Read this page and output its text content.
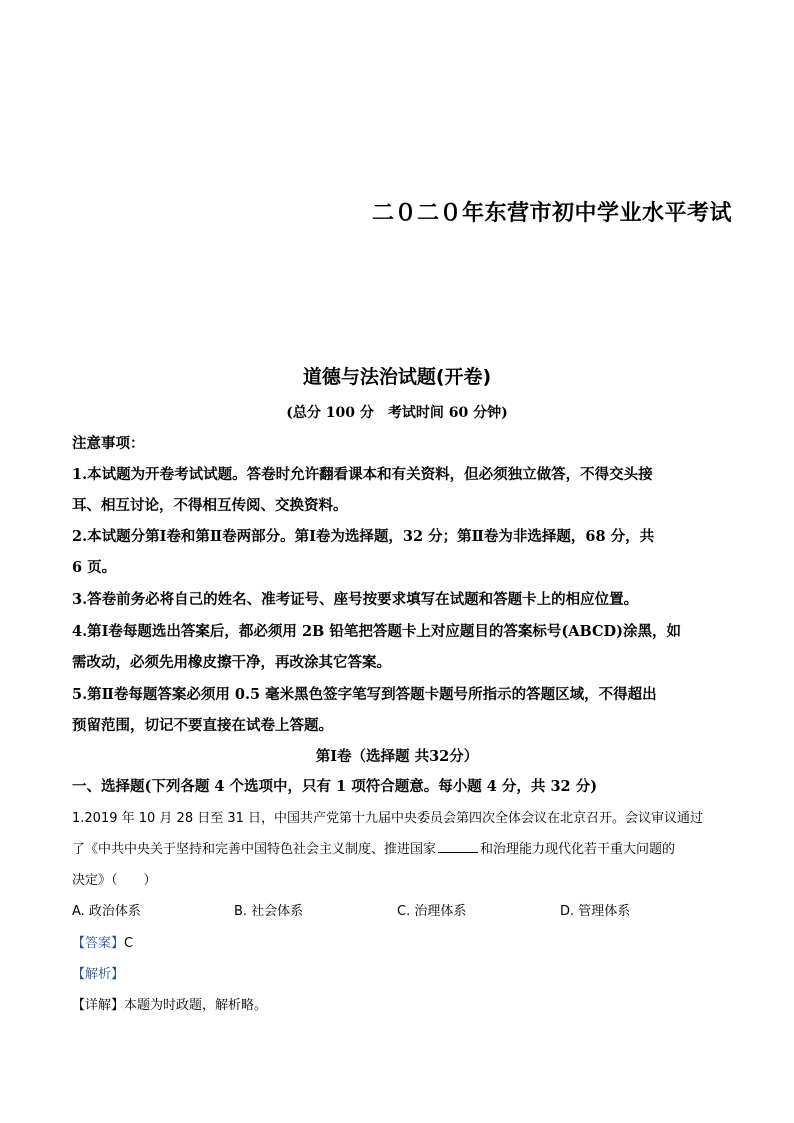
二０二０年东营市初中学业水平考试
道德与法治试题(开卷)
(总分 100 分　考试时间 60 分钟)
注意事项：
1.本试题为开卷考试试题。答卷时允许翻看课本和有关资料，但必须独立做答，不得交头接
耳、相互讨论，不得相互传阅、交换资料。
2.本试题分第Ⅰ卷和第Ⅱ卷两部分。第Ⅰ卷为选择题，32 分；第Ⅱ卷为非选择题，68 分，共
6 页。
3.答卷前务必将自己的姓名、准考证号、座号按要求填写在试题和答题卡上的相应位置。
4.第Ⅰ卷每题选出答案后，都必须用 2B 铅笔把答题卡上对应题目的答案标号(ABCD)涂黑，如
需改动，必须先用橡皮擦干净，再改涂其它答案。
5.第Ⅱ卷每题答案必须用 0.5 毫米黑色签字笔写到答题卡题号所指示的答题区域，不得超出
预留范围，切记不要直接在试卷上答题。
第Ⅰ卷（选择题 共32分）
一、选择题(下列各题 4 个选项中，只有 1 项符合题意。每小题 4 分，共 32 分)
1.2019 年 10 月 28 日至 31 日，中国共产党第十九届中央委员会第四次全体会议在北京召开。会议审议通过
了《中共中央关于坚持和完善中国特色社会主义制度、推进国家	和治理能力现代化若干重大问题的
决定》（　　）
A. 政治体系	B. 社会体系	C. 治理体系	D. 管理体系
【答案】C
【解析】
【详解】本题为时政题，解析略。
